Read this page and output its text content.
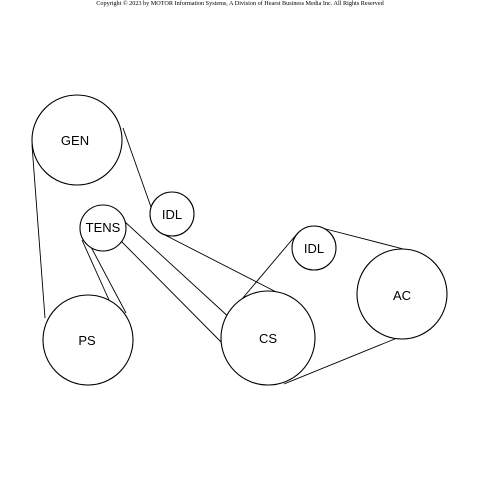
Copyright © 2023 by MOTOR Information Systems, A Division of Hearst Business Media Inc. All Rights Reserved
GEN
IDL
TENS
IDL
AC
PS	CS
